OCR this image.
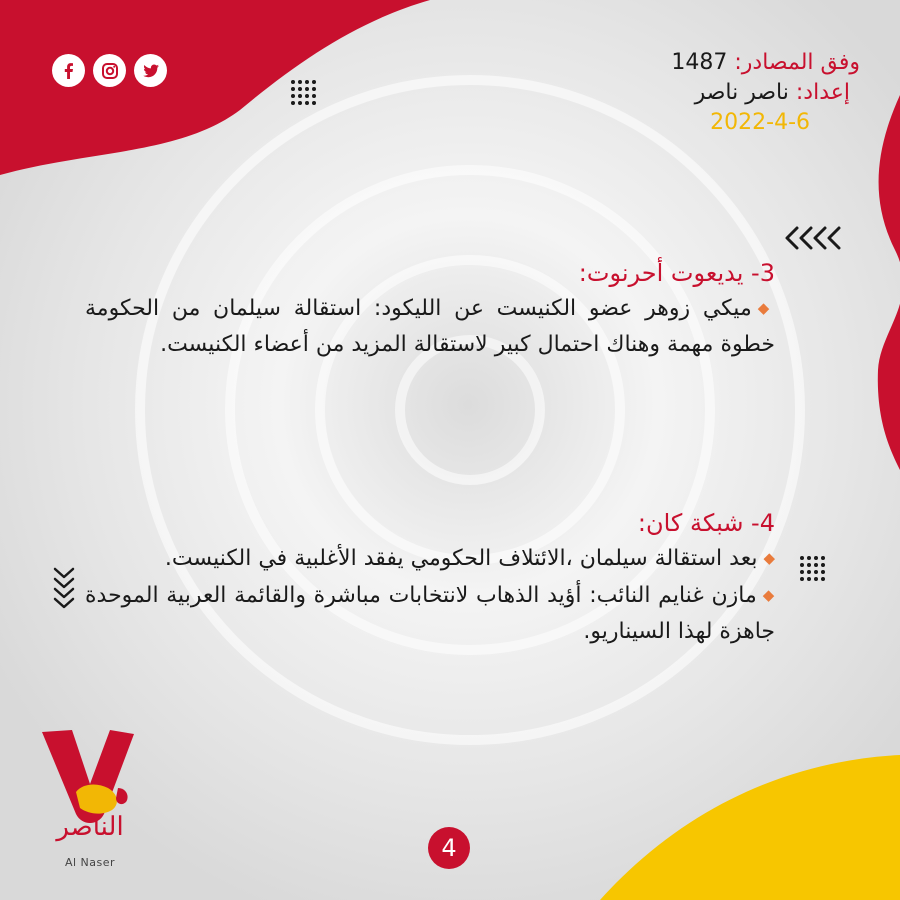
وفق المصادر: 1487
إعداد: ناصر ناصر
2022-4-6

3- يديعوت أحرنوت:

◆ميكي زوهر عضو الكنيست عن الليكود: استقالة سيلمان من الحكومة خطوة مهمة وهناك احتمال كبير لاستقالة المزيد من أعضاء الكنيست.

4- شبكة كان:

◆بعد استقالة سيلمان ،الائتلاف الحكومي يفقد الأغلبية في الكنيست.

◆مازن غنايم النائب: أؤيد الذهاب لانتخابات مباشرة والقائمة العربية الموحدة جاهزة لهذا السيناريو.

الناصر
Al Naser
4
